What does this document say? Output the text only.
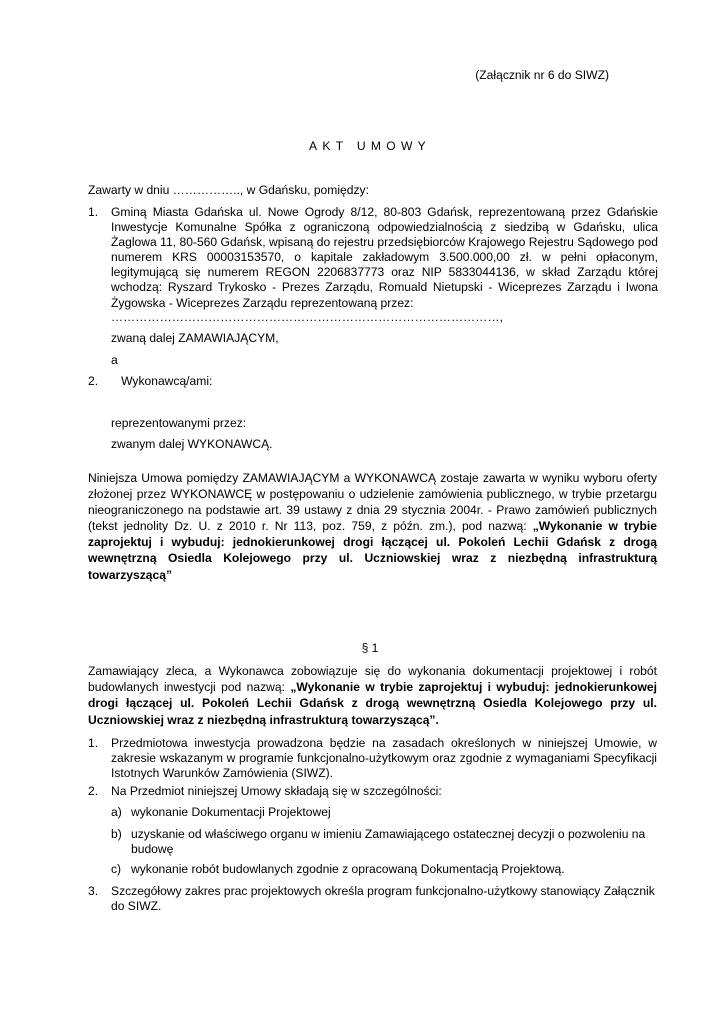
(Załącznik nr 6 do SIWZ)
AKT UMOWY
Zawarty w dniu …………….., w Gdańsku, pomiędzy:
1. Gminą Miasta Gdańska ul. Nowe Ogrody 8/12, 80-803 Gdańsk, reprezentowaną przez Gdańskie Inwestycje Komunalne Spółka z ograniczoną odpowiedzialnością z siedzibą w Gdańsku, ulica Żaglowa 11, 80-560 Gdańsk, wpisaną do rejestru przedsiębiorców Krajowego Rejestru Sądowego pod numerem KRS 00003153570, o kapitale zakładowym 3.500.000,00 zł. w pełni opłaconym, legitymującą się numerem REGON 2206837773 oraz NIP 5833044136, w skład Zarządu której wchodzą: Ryszard Trykosko - Prezes Zarządu, Romuald Nietupski - Wiceprezes Zarządu i Iwona Żygowska - Wiceprezes Zarządu reprezentowaną przez:
……………………………………………………………………………………,
zwaną dalej ZAMAWIAJĄCYM,
a
2. Wykonawcą/ami:
reprezentowanymi przez:
zwanym dalej WYKONAWCĄ.
Niniejsza Umowa pomiędzy ZAMAWIAJĄCYM a WYKONAWCĄ zostaje zawarta w wyniku wyboru oferty złożonej przez WYKONAWCĘ w postępowaniu o udzielenie zamówienia publicznego, w trybie przetargu nieograniczonego na podstawie art. 39 ustawy z dnia 29 stycznia 2004r. - Prawo zamówień publicznych (tekst jednolity Dz. U. z 2010 r. Nr 113, poz. 759, z późn. zm.), pod nazwą: „Wykonanie w trybie zaprojektuj i wybuduj: jednokierunkowej drogi łączącej ul. Pokoleń Lechii Gdańsk z drogą wewnętrzną Osiedla Kolejowego przy ul. Uczniowskiej wraz z niezbędną infrastrukturą towarzyszącą”
§ 1
Zamawiający zleca, a Wykonawca zobowiązuje się do wykonania dokumentacji projektowej i robót budowlanych inwestycji pod nazwą: „Wykonanie w trybie zaprojektuj i wybuduj: jednokierunkowej drogi łączącej ul. Pokoleń Lechii Gdańsk z drogą wewnętrzną Osiedla Kolejowego przy ul. Uczniowskiej wraz z niezbędną infrastrukturą towarzyszącą”.
1. Przedmiotowa inwestycja prowadzona będzie na zasadach określonych w niniejszej Umowie, w zakresie wskazanym w programie funkcjonalno-użytkowym oraz zgodnie z wymaganiami Specyfikacji Istotnych Warunków Zamówienia (SIWZ).
2. Na Przedmiot niniejszej Umowy składają się w szczególności:
a) wykonanie Dokumentacji Projektowej
b) uzyskanie od właściwego organu w imieniu Zamawiającego ostatecznej decyzji o pozwoleniu na budowę
c) wykonanie robót budowlanych zgodnie z opracowaną Dokumentacją Projektową.
3. Szczegółowy zakres prac projektowych określa program funkcjonalno-użytkowy stanowiący Załącznik do SIWZ.
